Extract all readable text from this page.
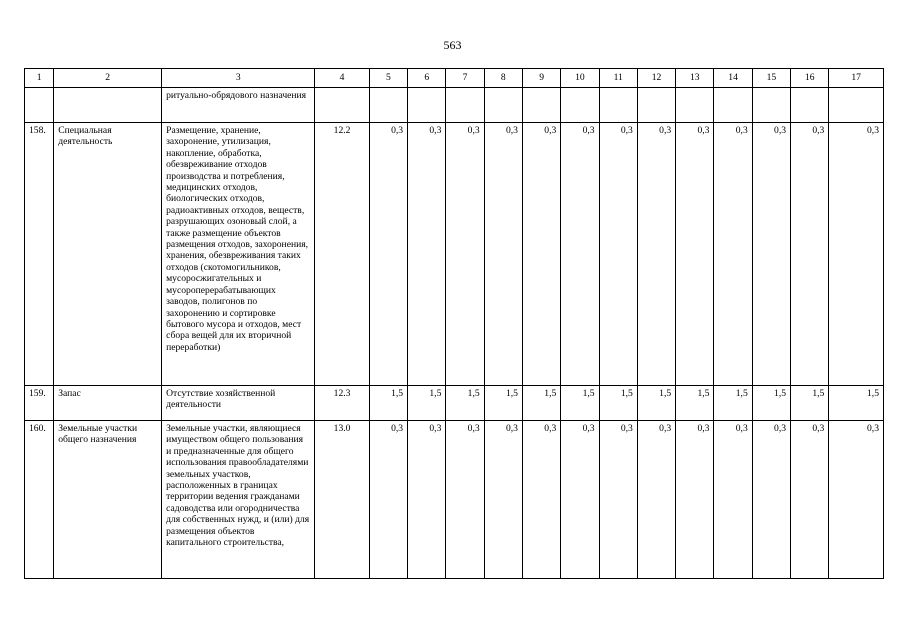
563
1	2	3	4	5	6	7	8	9	10	11	12	13	14	15	16	17
		ритуально-обрядового назначения														
158.	Специальная деятельность	Размещение, хранение, захоронение, утилизация, накопление, обработка, обезвреживание отходов производства и потребления, медицинских отходов, биологических отходов, радиоактивных отходов, веществ, разрушающих озоновый слой, а также размещение объектов размещения отходов, захоронения, хранения, обезвреживания таких отходов (скотомогильников, мусоросжигательных и мусороперерабатывающих заводов, полигонов по захоронению и сортировке бытового мусора и отходов, мест сбора вещей для их вторичной переработки)	12.2	0,3	0,3	0,3	0,3	0,3	0,3	0,3	0,3	0,3	0,3	0,3	0,3	0,3
159.	Запас	Отсутствие хозяйственной деятельности	12.3	1,5	1,5	1,5	1,5	1,5	1,5	1,5	1,5	1,5	1,5	1,5	1,5	1,5
160.	Земельные участки общего назначения	Земельные участки, являющиеся имуществом общего пользования и предназначенные для общего использования правообладателями земельных участков, расположенных в границах территории ведения гражданами садоводства или огородничества для собственных нужд, и (или) для размещения объектов капитального строительства,	13.0	0,3	0,3	0,3	0,3	0,3	0,3	0,3	0,3	0,3	0,3	0,3	0,3	0,3
